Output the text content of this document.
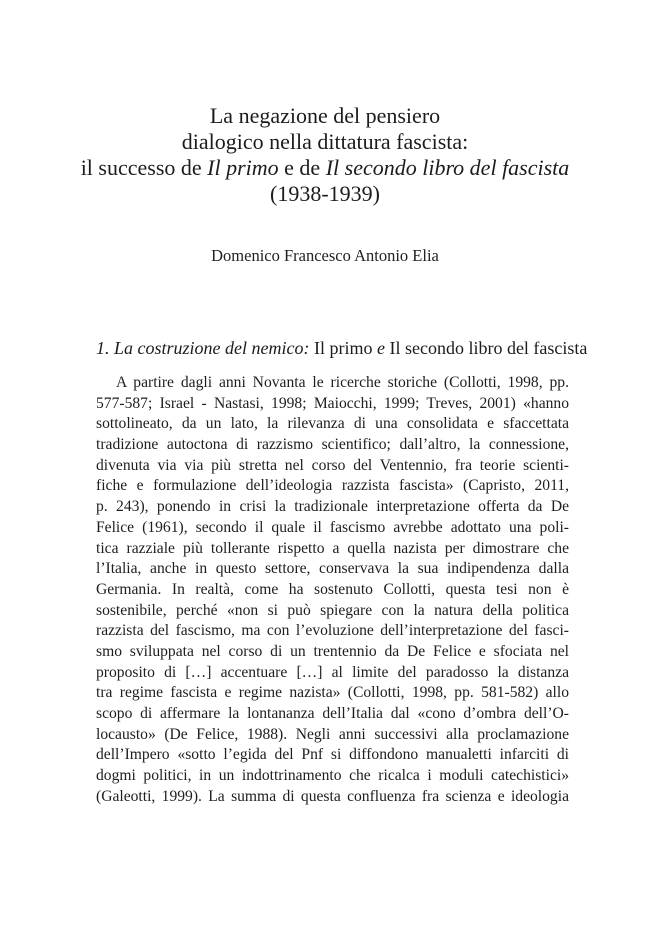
La negazione del pensiero
dialogico nella dittatura fascista:
il successo de Il primo e de Il secondo libro del fascista
(1938-1939)
Domenico Francesco Antonio Elia
1. La costruzione del nemico: Il primo e Il secondo libro del fascista
A partire dagli anni Novanta le ricerche storiche (Collotti, 1998, pp.
577-587; Israel - Nastasi, 1998; Maiocchi, 1999; Treves, 2001) «hanno
sottolineato, da un lato, la rilevanza di una consolidata e sfaccettata
tradizione autoctona di razzismo scientifico; dall’altro, la connessione,
divenuta via via più stretta nel corso del Ventennio, fra teorie scienti-
fiche e formulazione dell’ideologia razzista fascista» (Capristo, 2011,
p. 243), ponendo in crisi la tradizionale interpretazione offerta da De
Felice (1961), secondo il quale il fascismo avrebbe adottato una poli-
tica razziale più tollerante rispetto a quella nazista per dimostrare che
l’Italia, anche in questo settore, conservava la sua indipendenza dalla
Germania. In realtà, come ha sostenuto Collotti, questa tesi non è
sostenibile, perché «non si può spiegare con la natura della politica
razzista del fascismo, ma con l’evoluzione dell’interpretazione del fasci-
smo sviluppata nel corso di un trentennio da De Felice e sfociata nel
proposito di […] accentuare […] al limite del paradosso la distanza
tra regime fascista e regime nazista» (Collotti, 1998, pp. 581-582) allo
scopo di affermare la lontananza dell’Italia dal «cono d’ombra dell’O-
locausto» (De Felice, 1988). Negli anni successivi alla proclamazione
dell’Impero «sotto l’egida del Pnf si diffondono manualetti infarciti di
dogmi politici, in un indottrinamento che ricalca i moduli catechistici»
(Galeotti, 1999). La summa di questa confluenza fra scienza e ideologia
